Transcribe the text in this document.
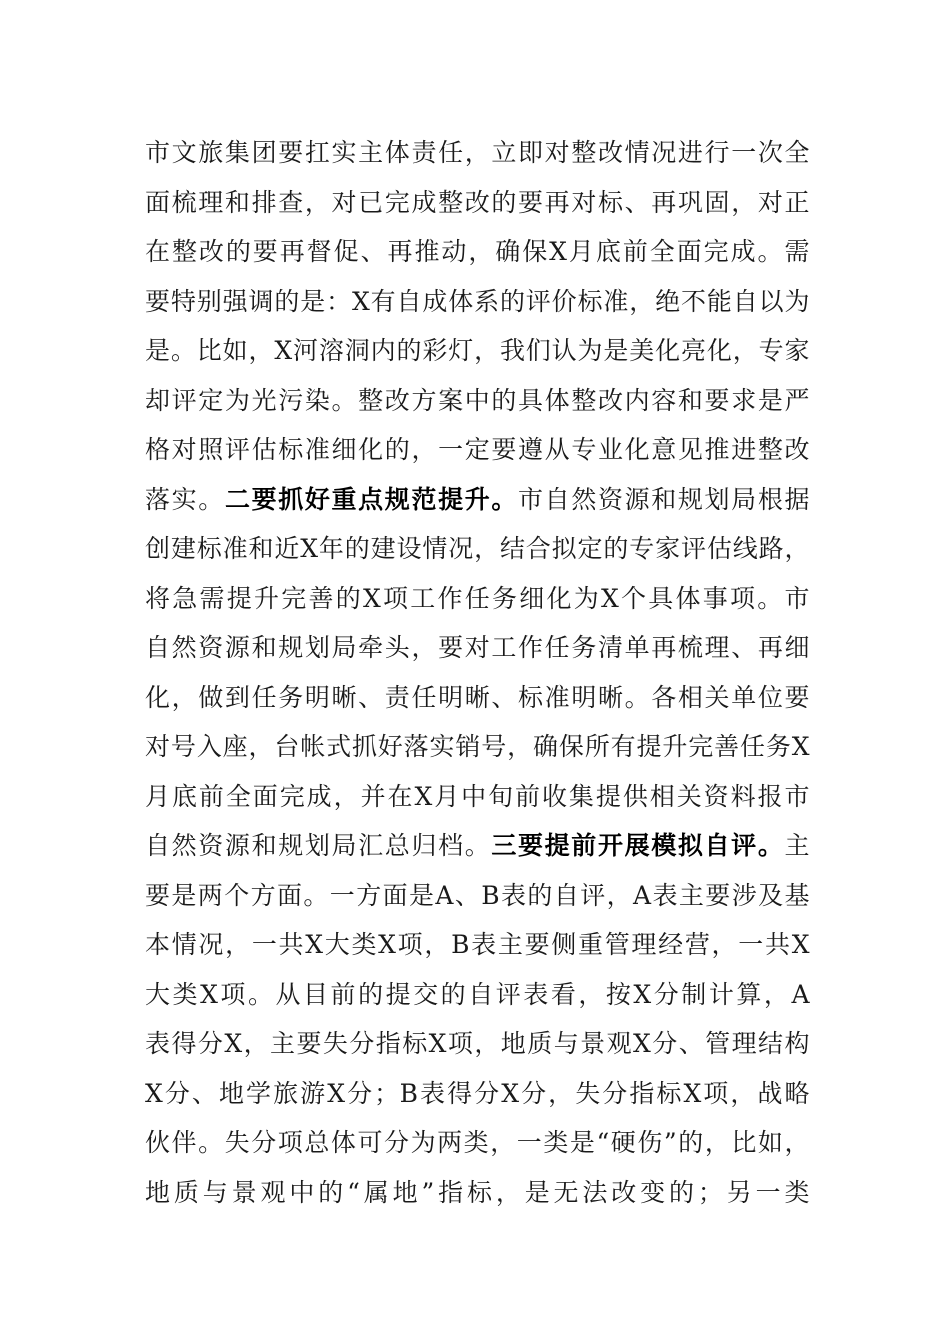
市文旅集团要扛实主体责任，立即对整改情况进行一次全
面梳理和排查，对已完成整改的要再对标、再巩固，对正
在整改的要再督促、再推动，确保X月底前全面完成。需
要特别强调的是：X有自成体系的评价标准，绝不能自以为
是。比如，X河溶洞内的彩灯，我们认为是美化亮化，专家
却评定为光污染。整改方案中的具体整改内容和要求是严
格对照评估标准细化的，一定要遵从专业化意见推进整改
落实。二要抓好重点规范提升。市自然资源和规划局根据
创建标准和近X年的建设情况，结合拟定的专家评估线路，
将急需提升完善的X项工作任务细化为X个具体事项。市
自然资源和规划局牵头，要对工作任务清单再梳理、再细
化，做到任务明晰、责任明晰、标准明晰。各相关单位要
对号入座，台帐式抓好落实销号，确保所有提升完善任务X
月底前全面完成，并在X月中旬前收集提供相关资料报市
自然资源和规划局汇总归档。三要提前开展模拟自评。主
要是两个方面。一方面是A、B表的自评，A表主要涉及基
本情况，一共X大类X项，B表主要侧重管理经营，一共X
大类X项。从目前的提交的自评表看，按X分制计算，A
表得分X，主要失分指标X项，地质与景观X分、管理结构
X分、地学旅游X分；B表得分X分，失分指标X项，战略
伙伴。失分项总体可分为两类，一类是“硬伤”的，比如，
地质与景观中的“属地”指标，是无法改变的；另一类
